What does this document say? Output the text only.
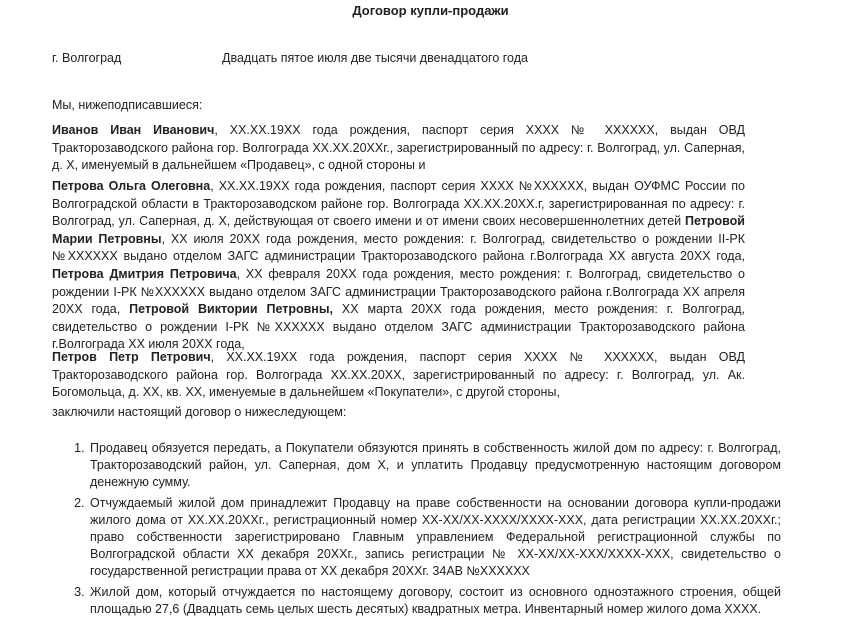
Договор купли-продажи
г. Волгоград	Двадцать пятое июля две тысячи двенадцатого года
Мы, нижеподписавшиеся:

Иванов Иван Иванович, XX.XX.19XX года рождения, паспорт серия XXXX № XXXXXX, выдан ОВД Тракторозаводского района гор. Волгограда XX.XX.20XXг., зарегистрированный по адресу: г. Волгоград, ул. Саперная, д. Х, именуемый в дальнейшем «Продавец», с одной стороны и

Петрова Ольга Олеговна, XX.XX.19XX года рождения, паспорт серия XXXX №XXXXXX, выдан ОУФМС России по Волгоградской области в Тракторозаводском районе гор. Волгограда XX.XX.20XX.г, зарегистрированная по адресу: г. Волгоград, ул. Саперная, д. Х, действующая от своего имени и от имени своих несовершеннолетних детей Петровой Марии Петровны, XX июля 20XX года рождения, место рождения: г. Волгоград, свидетельство о рождении II-РК №XXXXXX выдано отделом ЗАГС администрации Тракторозаводского района г.Волгограда XX августа 20XX года, Петрова Дмитрия Петровича, XX февраля 20XX года рождения, место рождения: г. Волгоград, свидетельство о рождении I-РК №XXXXXX выдано отделом ЗАГС администрации Тракторозаводского района г.Волгограда XX апреля 20XX года, Петровой Виктории Петровны, XX марта 20XX года рождения, место рождения: г. Волгоград, свидетельство о рождении I-РК №XXXXXX выдано отделом ЗАГС администрации Тракторозаводского района г.Волгограда XX июля 20XX года,

Петров Петр Петрович, XX.XX.19XX года рождения, паспорт серия XXXX № XXXXXX, выдан ОВД Тракторозаводского района гор. Волгограда XX.XX.20XX, зарегистрированный по адресу: г. Волгоград, ул. Ак. Богомольца, д. XX, кв. XX, именуемые в дальнейшем «Покупатели», с другой стороны,

заключили настоящий договор о нижеследующем:
1. Продавец обязуется передать, а Покупатели обязуются принять в собственность жилой дом по адресу: г. Волгоград, Тракторозаводский район, ул. Саперная, дом Х, и уплатить Продавцу предусмотренную настоящим договором денежную сумму.
2. Отчуждаемый жилой дом принадлежит Продавцу на праве собственности на основании договора купли-продажи жилого дома от XX.XX.20XXг., регистрационный номер XX-XX/XX-XXXX/XXXX-XXX, дата регистрации XX.XX.20XXг.; право собственности зарегистрировано Главным управлением Федеральной регистрационной службы по Волгоградской области XX декабря 20XXг., запись регистрации № XX-XX/XX-XXX/XXXX-XXX, свидетельство о государственной регистрации права от XX декабря 20XXг. 34АВ №XXXXXX
3. Жилой дом, который отчуждается по настоящему договору, состоит из основного одноэтажного строения, общей площадью 27,6 (Двадцать семь целых шесть десятых) квадратных метра. Инвентарный номер жилого дома XXXX.
